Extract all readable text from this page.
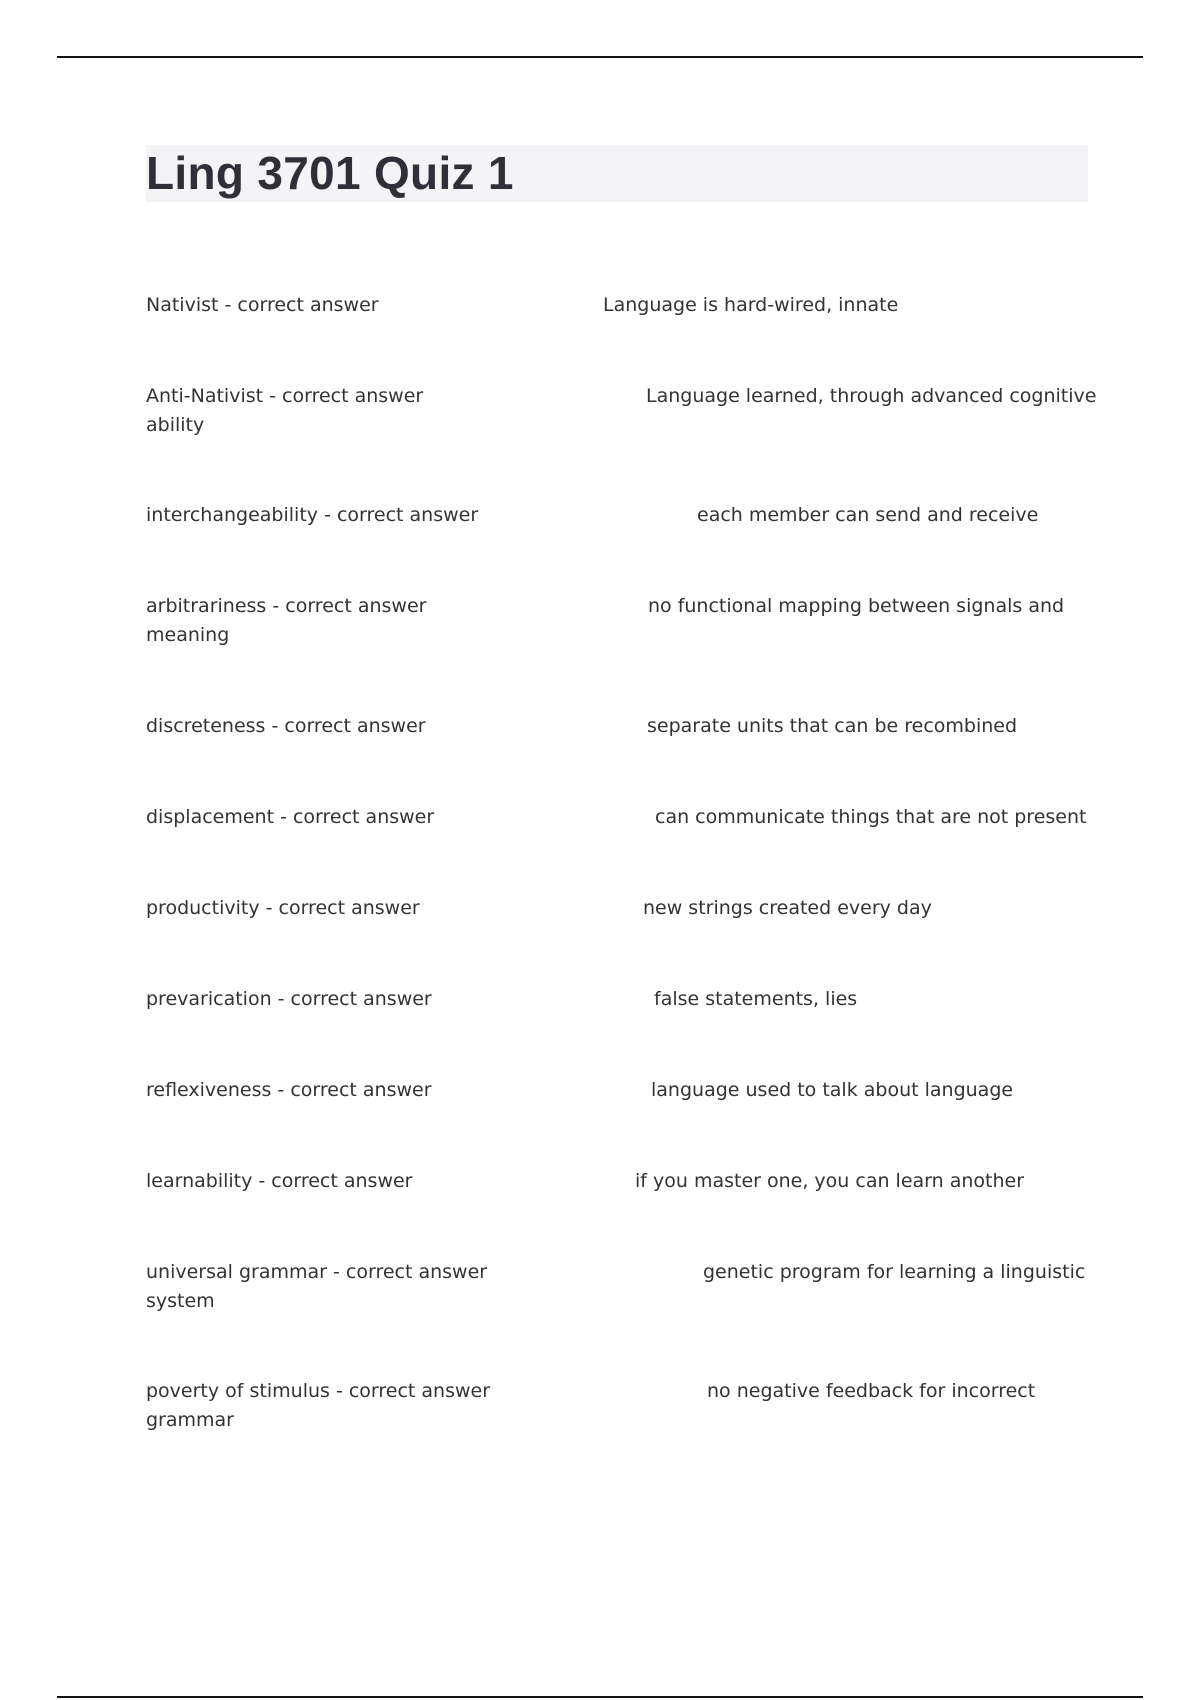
Ling 3701 Quiz 1
Nativist - correct answer	Language is hard-wired, innate
Anti-Nativist - correct answer	Language learned, through advanced cognitive
ability
interchangeability - correct answer	each member can send and receive
arbitrariness - correct answer	no functional mapping between signals and
meaning
discreteness - correct answer	separate units that can be recombined
displacement - correct answer	can communicate things that are not present
productivity - correct answer	new strings created every day
prevarication - correct answer	false statements, lies
reflexiveness - correct answer	language used to talk about language
learnability - correct answer	if you master one, you can learn another
universal grammar - correct answer	genetic program for learning a linguistic
system
poverty of stimulus - correct answer	no negative feedback for incorrect
grammar
